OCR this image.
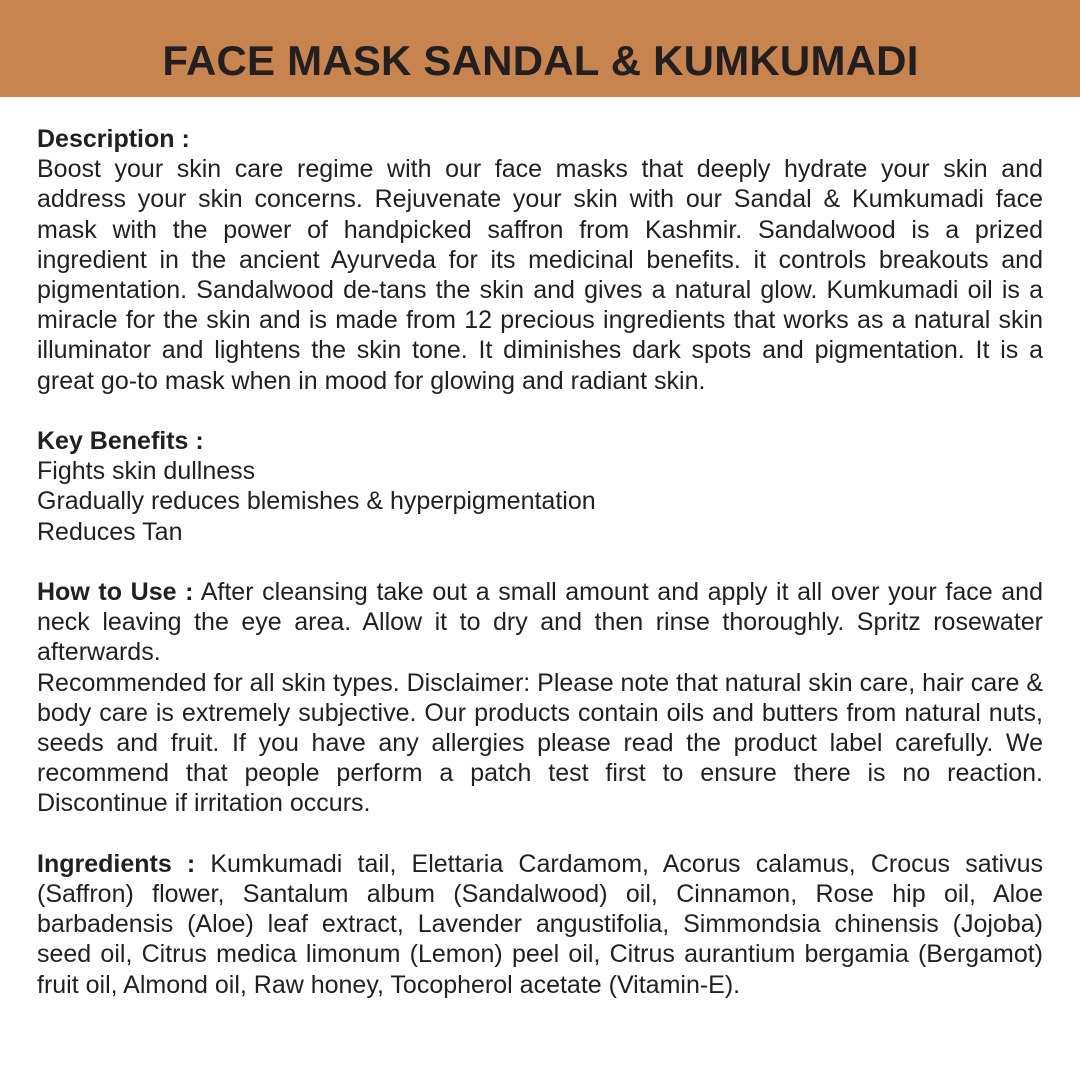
FACE MASK SANDAL & KUMKUMADI
Description :

Boost your skin care regime with our face masks that deeply hydrate your skin and address your skin concerns. Rejuvenate your skin with our Sandal & Kumkumadi face mask with the power of handpicked saffron from Kashmir. Sandalwood is a prized ingredient in the ancient Ayurveda for its medicinal benefits. it controls breakouts and pigmentation. Sandalwood de-tans the skin and gives a natural glow. Kumkumadi oil is a miracle for the skin and is made from 12 precious ingredients that works as a natural skin illuminator and lightens the skin tone. It diminishes dark spots and pigmentation. It is a great go-to mask when in mood for glowing and radiant skin.

Key Benefits :
Fights skin dullness
Gradually reduces blemishes & hyperpigmentation
Reduces Tan

How to Use : After cleansing take out a small amount and apply it all over your face and neck leaving the eye area. Allow it to dry and then rinse thoroughly. Spritz rosewater afterwards.

Recommended for all skin types. Disclaimer: Please note that natural skin care, hair care & body care is extremely subjective. Our products contain oils and butters from natural nuts, seeds and fruit. If you have any allergies please read the product label carefully. We recommend that people perform a patch test first to ensure there is no reaction. Discontinue if irritation occurs.

Ingredients : Kumkumadi tail, Elettaria Cardamom, Acorus calamus, Crocus sativus (Saffron) flower, Santalum album (Sandalwood) oil, Cinnamon, Rose hip oil, Aloe barbadensis (Aloe) leaf extract, Lavender angustifolia, Simmondsia chinensis (Jojoba) seed oil, Citrus medica limonum (Lemon) peel oil, Citrus aurantium bergamia (Bergamot) fruit oil, Almond oil, Raw honey, Tocopherol acetate (Vitamin-E).
